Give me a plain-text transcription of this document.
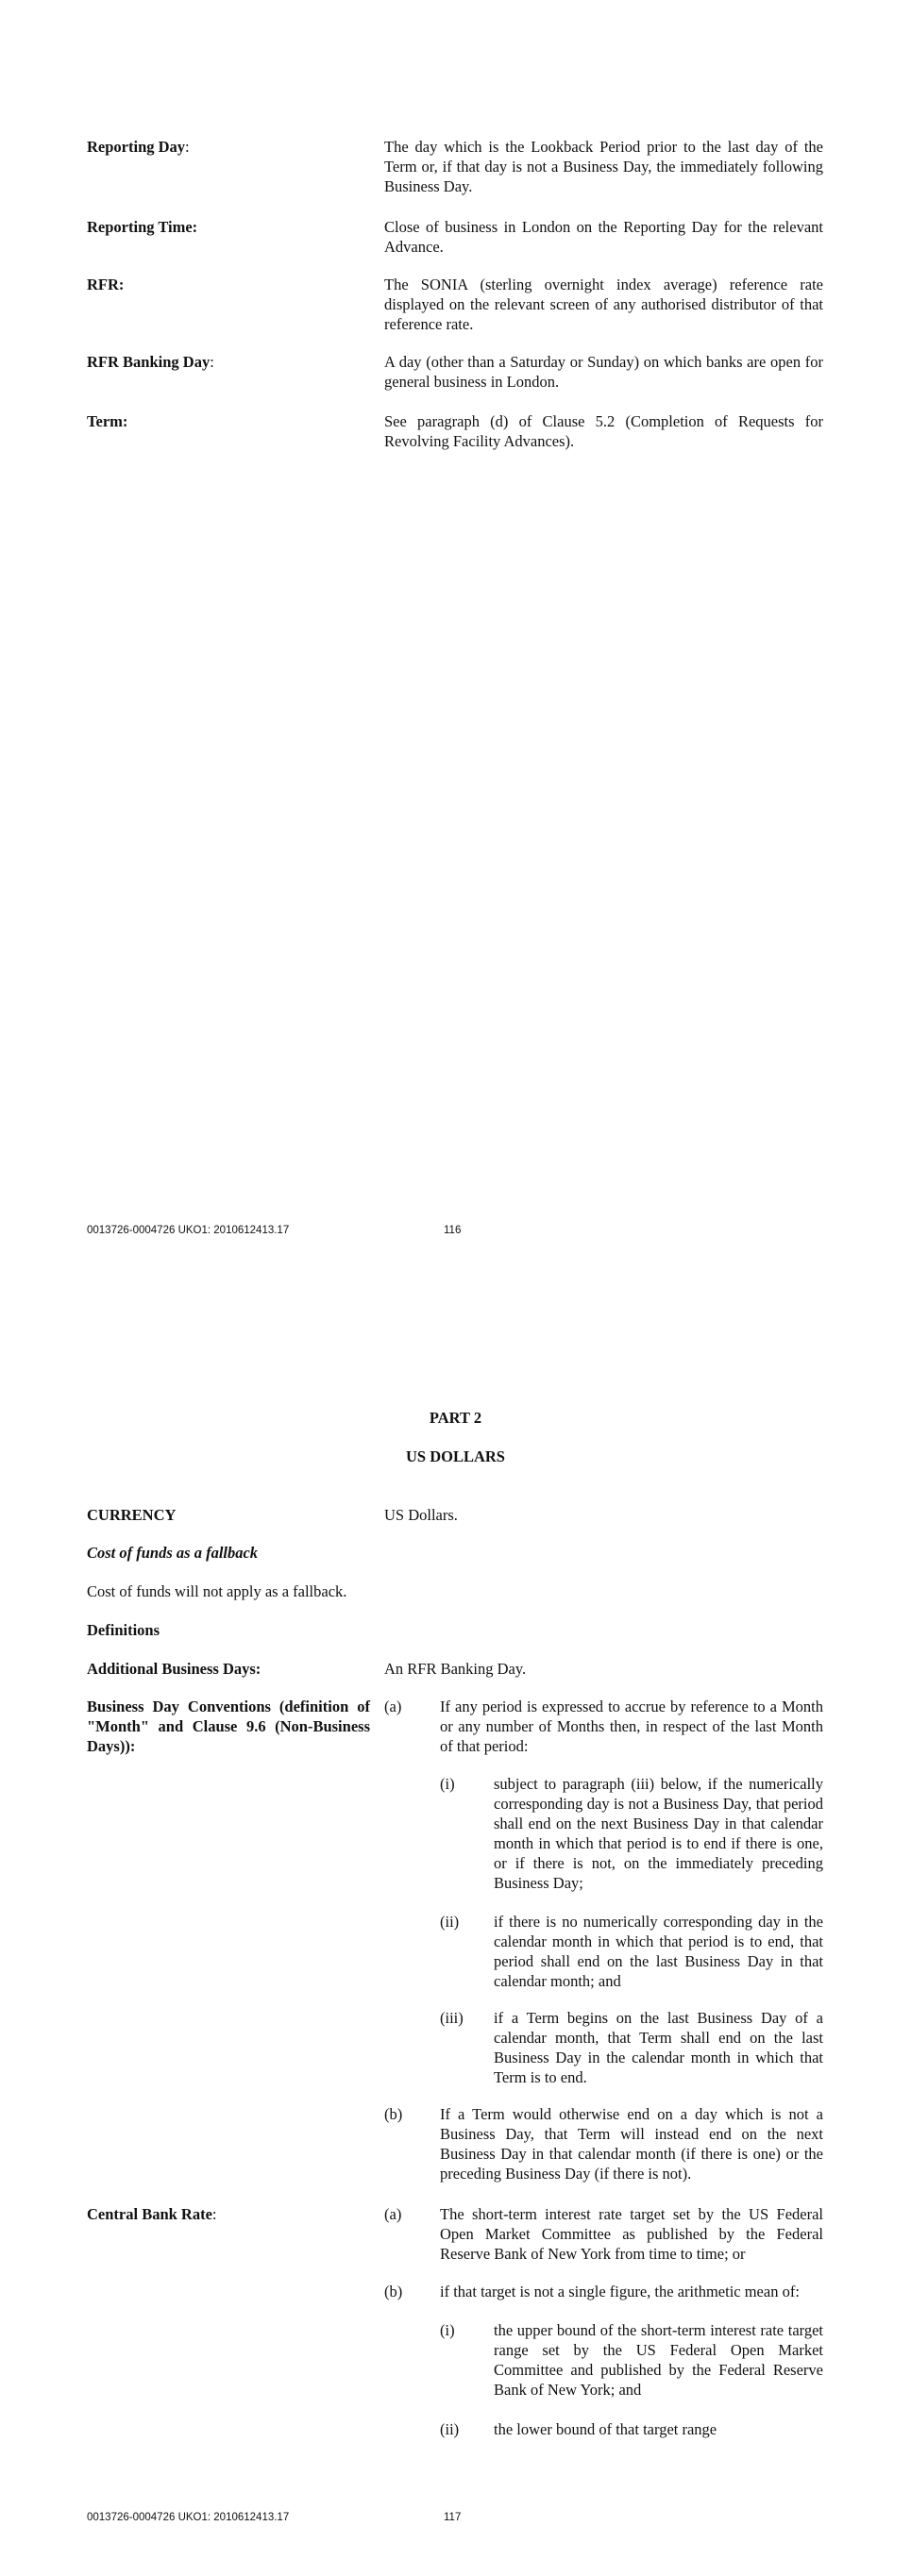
Reporting Day:	The day which is the Lookback Period prior to the last day of the Term or, if that day is not a Business Day, the immediately following Business Day.
Reporting Time:	Close of business in London on the Reporting Day for the relevant Advance.
RFR:	The SONIA (sterling overnight index average) reference rate displayed on the relevant screen of any authorised distributor of that reference rate.
RFR Banking Day:	A day (other than a Saturday or Sunday) on which banks are open for general business in London.
Term:	See paragraph (d) of Clause 5.2 (Completion of Requests for Revolving Facility Advances).
0013726-0004726 UKO1: 2010612413.17	116
PART 2
US DOLLARS
CURRENCY	US Dollars.
Cost of funds as a fallback
Cost of funds will not apply as a fallback.
Definitions
Additional Business Days:	An RFR Banking Day.
Business Day Conventions (definition of "Month" and Clause 9.6 (Non-Business Days)):
(a) If any period is expressed to accrue by reference to a Month or any number of Months then, in respect of the last Month of that period:
(i)	subject to paragraph (iii) below, if the numerically corresponding day is not a Business Day, that period shall end on the next Business Day in that calendar month in which that period is to end if there is one, or if there is not, on the immediately preceding Business Day;
(ii) if there is no numerically corresponding day in the calendar month in which that period is to end, that period shall end on the last Business Day in that calendar month; and
(iii) if a Term begins on the last Business Day of a calendar month, that Term shall end on the last Business Day in the calendar month in which that Term is to end.
(b) If a Term would otherwise end on a day which is not a Business Day, that Term will instead end on the next Business Day in that calendar month (if there is one) or the preceding Business Day (if there is not).
Central Bank Rate:	(a) The short-term interest rate target set by the US Federal Open Market Committee as published by the Federal Reserve Bank of New York from time to time; or
(b) if that target is not a single figure, the arithmetic mean of:
(i)	the upper bound of the short-term interest rate target range set by the US Federal Open Market Committee and published by the Federal Reserve Bank of New York; and
(ii) the lower bound of that target range
0013726-0004726 UKO1: 2010612413.17	117
